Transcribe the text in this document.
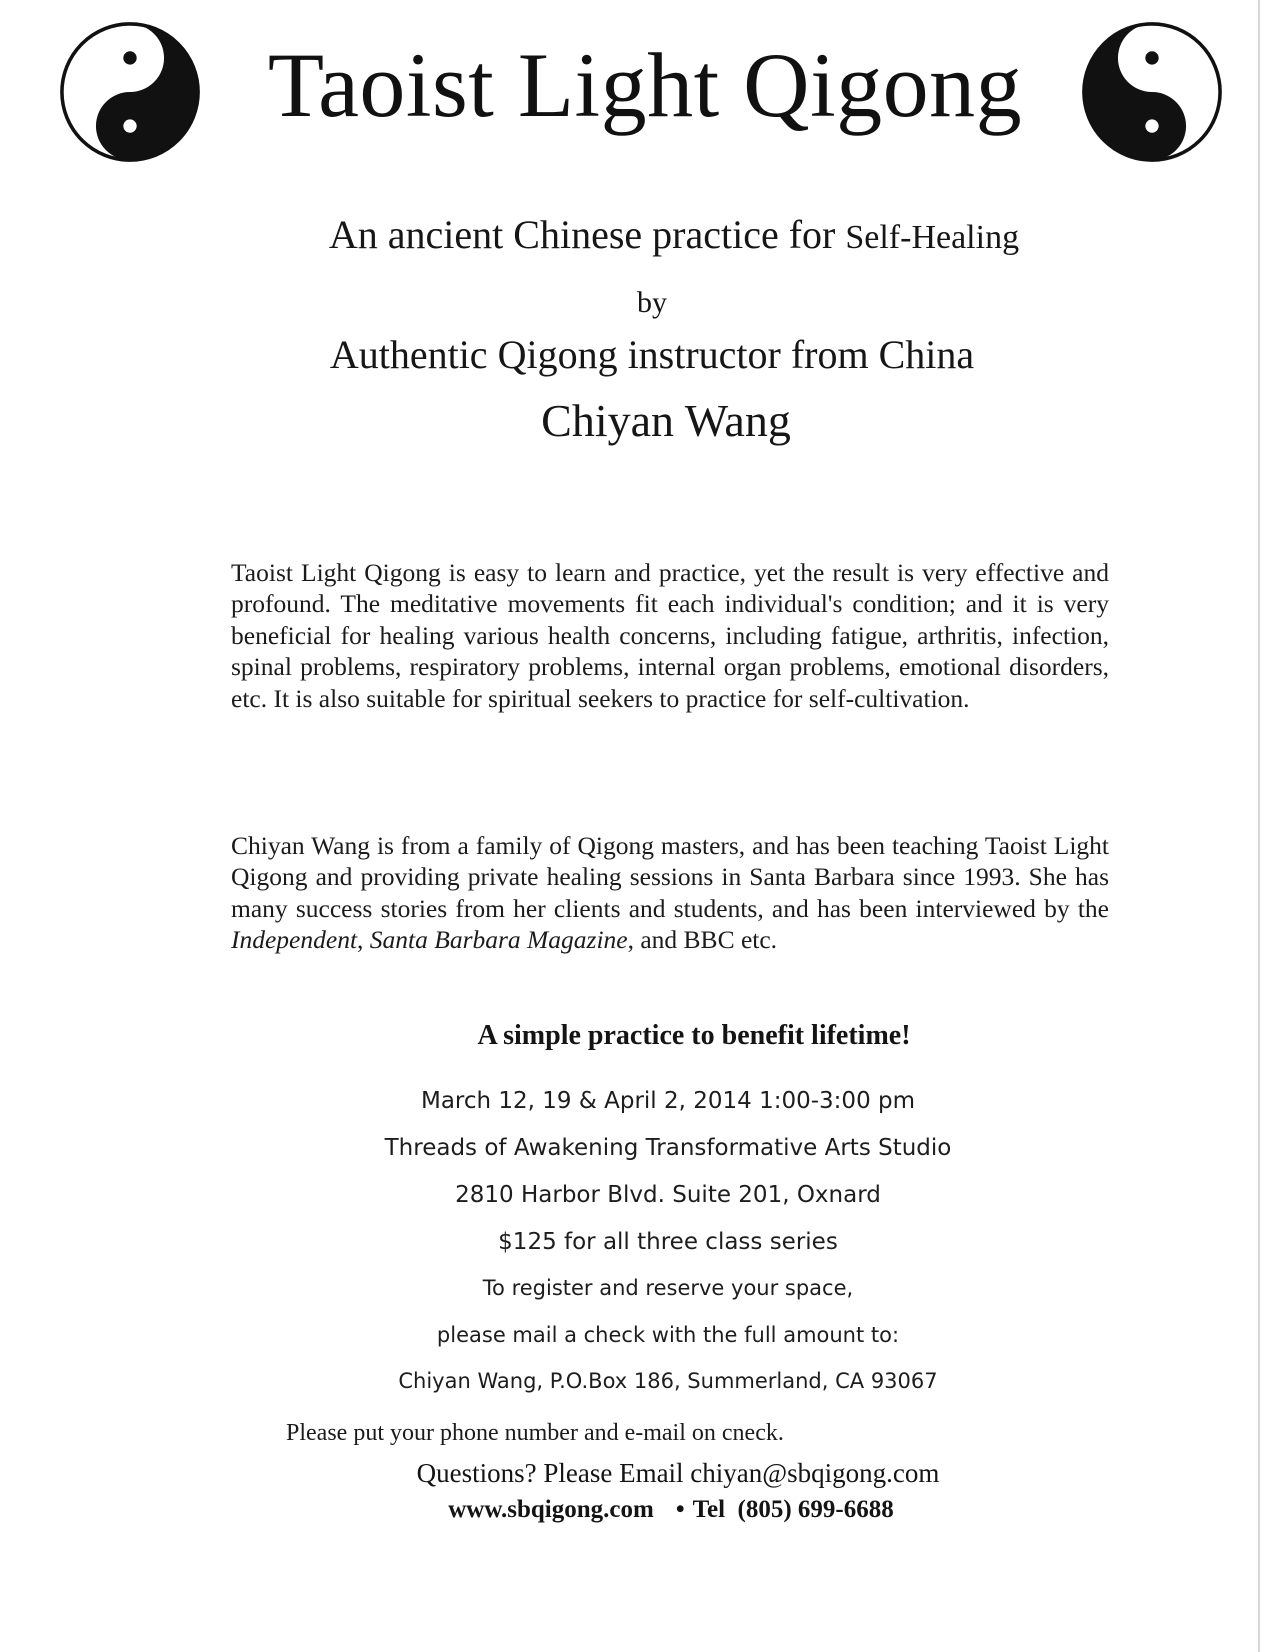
Taoist Light Qigong
An ancient Chinese practice for Self-Healing
by
Authentic Qigong instructor from China
Chiyan Wang

Taoist Light Qigong is easy to learn and practice, yet the result is very effective and profound. The meditative movements fit each individual's condition; and it is very beneficial for healing various health concerns, including fatigue, arthritis, infection, spinal problems, respiratory problems, internal organ problems, emotional disorders, etc. It is also suitable for spiritual seekers to practice for self-cultivation.

Chiyan Wang is from a family of Qigong masters, and has been teaching Taoist Light Qigong and providing private healing sessions in Santa Barbara since 1993. She has many success stories from her clients and students, and has been interviewed by the Independent, Santa Barbara Magazine, and BBC etc.

A simple practice to benefit lifetime!
March 12, 19 & April 2, 2014 1:00-3:00 pm
Threads of Awakening Transformative Arts Studio
2810 Harbor Blvd. Suite 201, Oxnard
$125 for all three class series
To register and reserve your space,
please mail a check with the full amount to:
Chiyan Wang, P.O.Box 186, Summerland, CA 93067
Please put your phone number and e-mail on cneck.
Questions? Please Email chiyan@sbqigong.com
www.sbqigong.com • Tel  (805) 699-6688
